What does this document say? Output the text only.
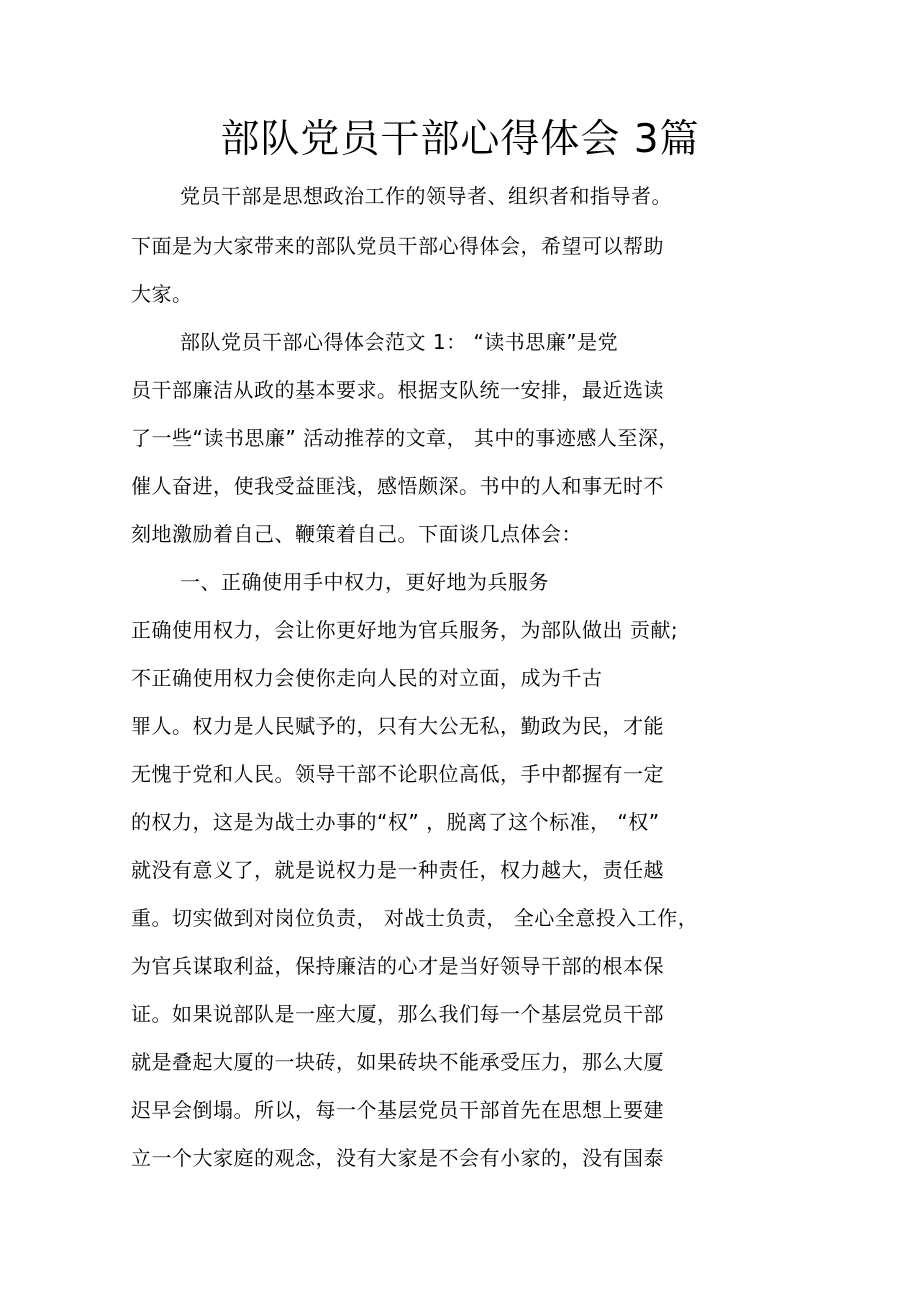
部队党员干部心得体会 3篇
党员干部是思想政治工作的领导者、组织者和指导者。
下面是为大家带来的部队党员干部心得体会，希望可以帮助
大家。
部队党员干部心得体会范文 1： “读书思廉”是党
员干部廉洁从政的基本要求。根据支队统一安排，最近选读
了一些“读书思廉” 活动推荐的文章， 其中的事迹感人至深，
催人奋进，使我受益匪浅，感悟颇深。书中的人和事无时不
刻地激励着自己、鞭策着自己。下面谈几点体会：
一、正确使用手中权力，更好地为兵服务
正确使用权力，会让你更好地为官兵服务，为部队做出 贡献;
不正确使用权力会使你走向人民的对立面，成为千古
罪人。权力是人民赋予的，只有大公无私，勤政为民，才能
无愧于党和人民。领导干部不论职位高低，手中都握有一定
的权力，这是为战士办事的“权” ，脱离了这个标准， “权”
就没有意义了，就是说权力是一种责任，权力越大，责任越
重。切实做到对岗位负责， 对战士负责， 全心全意投入工作，
为官兵谋取利益，保持廉洁的心才是当好领导干部的根本保
证。如果说部队是一座大厦，那么我们每一个基层党员干部
就是叠起大厦的一块砖，如果砖块不能承受压力，那么大厦
迟早会倒塌。所以，每一个基层党员干部首先在思想上要建
立一个大家庭的观念，没有大家是不会有小家的，没有国泰
